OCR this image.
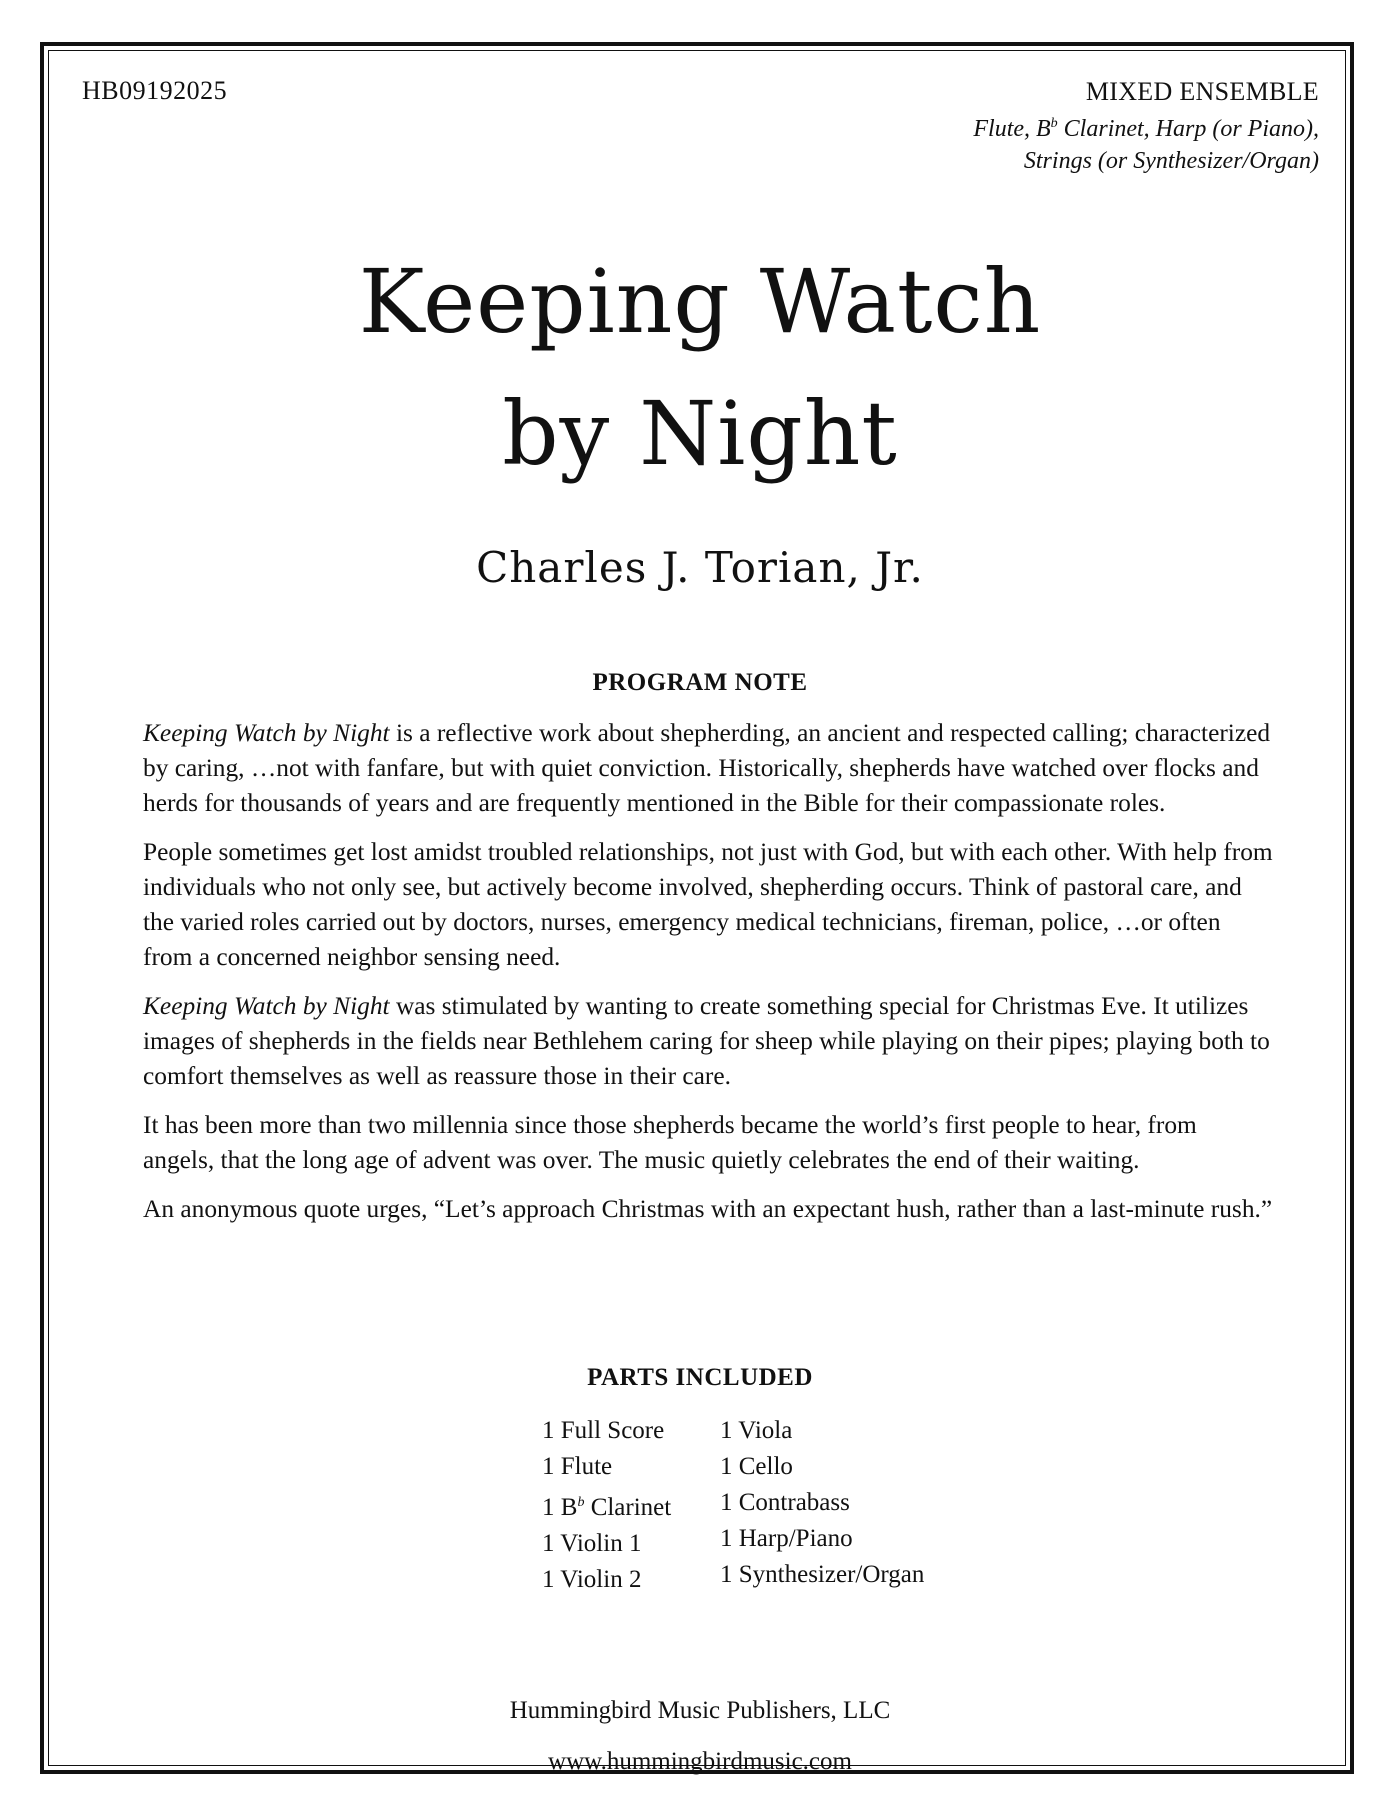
HB09192025	MIXED ENSEMBLE
Flute, $B^b$ Clarinet, Harp (or Piano),
Strings (or Synthesizer/Organ)
Keeping Watch
by Night
Charles J. Torian, Jr.
PROGRAM NOTE

Keeping Watch by Night is a reflective work about shepherding, an ancient and respected calling; characterized by caring, …not with fanfare, but with quiet conviction. Historically, shepherds have watched over flocks and herds for thousands of years and are frequently mentioned in the Bible for their compassionate roles.

People sometimes get lost amidst troubled relationships, not just with God, but with each other. With help from individuals who not only see, but actively become involved, shepherding occurs. Think of pastoral care, and the varied roles carried out by doctors, nurses, emergency medical technicians, fireman, police, …or often from a concerned neighbor sensing need.

Keeping Watch by Night was stimulated by wanting to create something special for Christmas Eve. It utilizes images of shepherds in the fields near Bethlehem caring for sheep while playing on their pipes; playing both to comfort themselves as well as reassure those in their care.

It has been more than two millennia since those shepherds became the world’s first people to hear, from angels, that the long age of advent was over. The music quietly celebrates the end of their waiting.

An anonymous quote urges, “Let’s approach Christmas with an expectant hush, rather than a last-minute rush.”

PARTS INCLUDED
1 Full Score
1 Flute
1 $B^b$ Clarinet
1 Violin 1
1 Violin 2
1 Viola
1 Cello
1 Contrabass
1 Harp/Piano
1 Synthesizer/Organ
Hummingbird Music Publishers, LLC
www.hummingbirdmusic.com
